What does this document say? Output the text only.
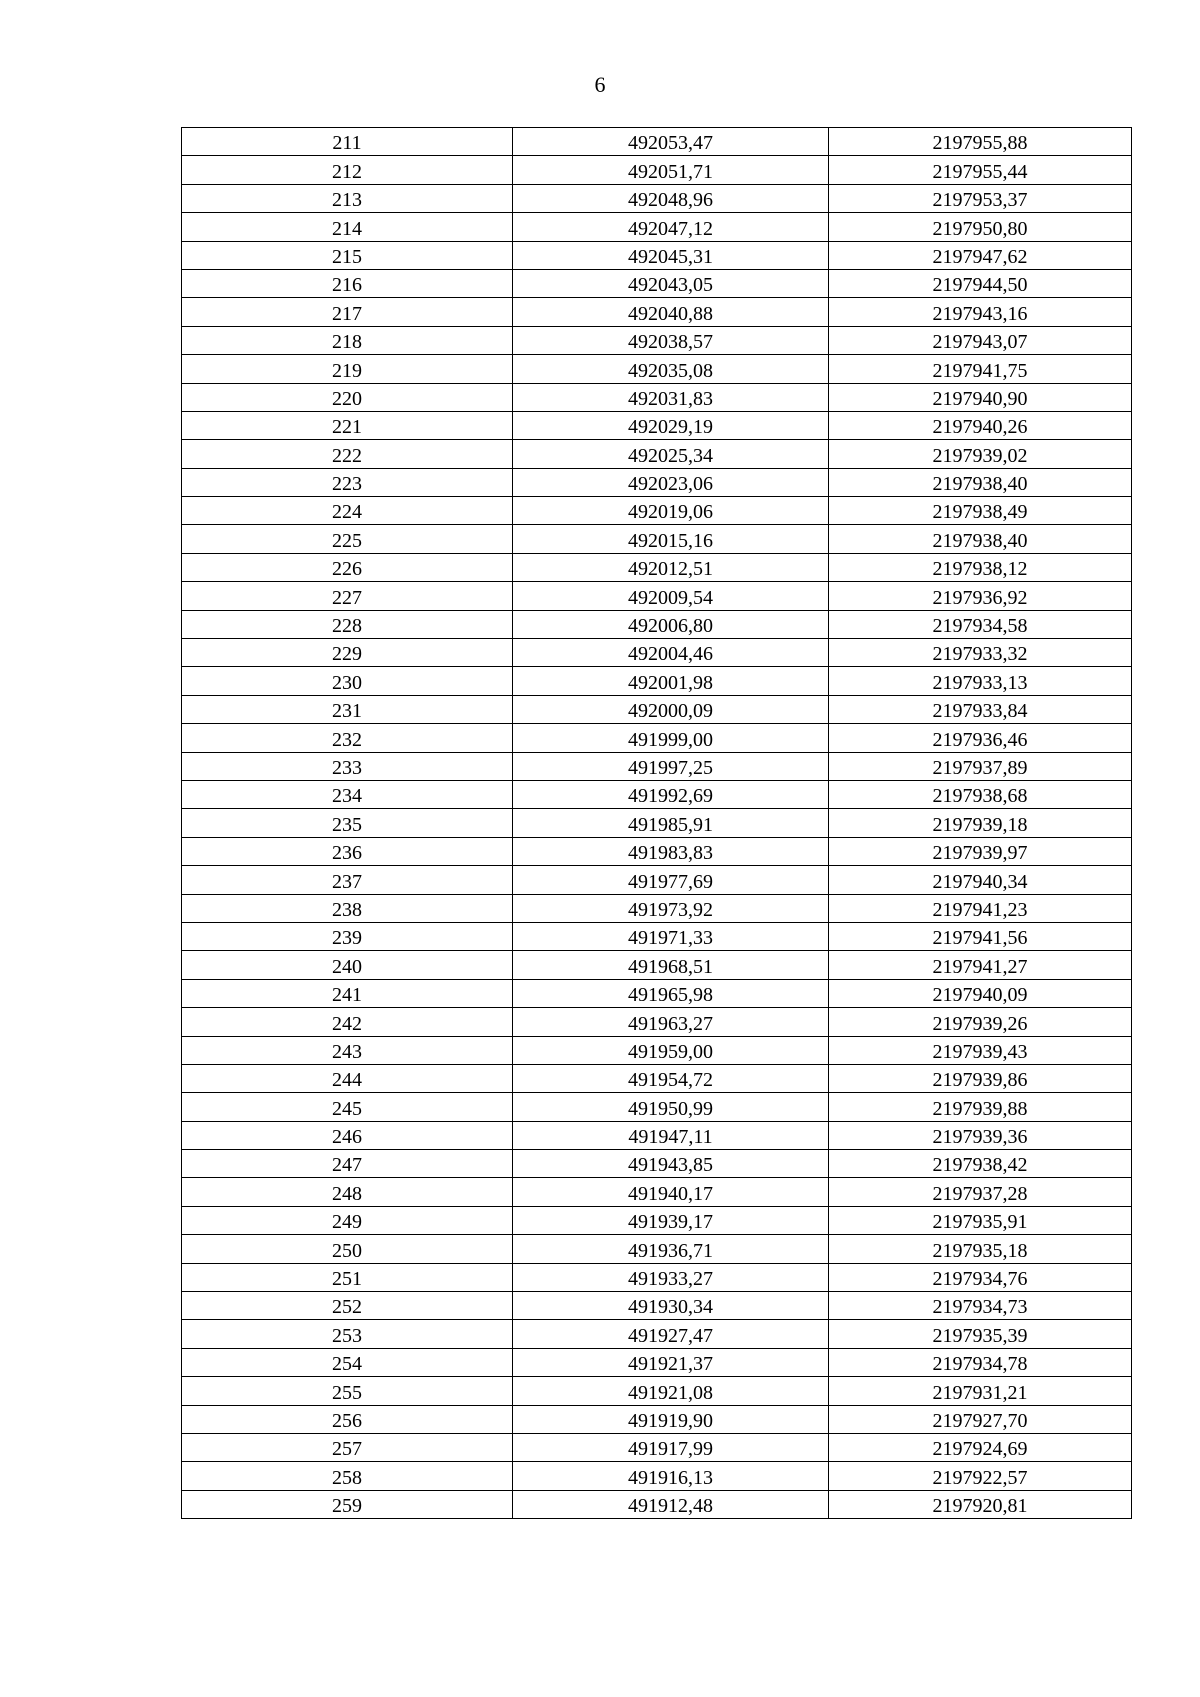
6
211	492053,47	2197955,88
212	492051,71	2197955,44
213	492048,96	2197953,37
214	492047,12	2197950,80
215	492045,31	2197947,62
216	492043,05	2197944,50
217	492040,88	2197943,16
218	492038,57	2197943,07
219	492035,08	2197941,75
220	492031,83	2197940,90
221	492029,19	2197940,26
222	492025,34	2197939,02
223	492023,06	2197938,40
224	492019,06	2197938,49
225	492015,16	2197938,40
226	492012,51	2197938,12
227	492009,54	2197936,92
228	492006,80	2197934,58
229	492004,46	2197933,32
230	492001,98	2197933,13
231	492000,09	2197933,84
232	491999,00	2197936,46
233	491997,25	2197937,89
234	491992,69	2197938,68
235	491985,91	2197939,18
236	491983,83	2197939,97
237	491977,69	2197940,34
238	491973,92	2197941,23
239	491971,33	2197941,56
240	491968,51	2197941,27
241	491965,98	2197940,09
242	491963,27	2197939,26
243	491959,00	2197939,43
244	491954,72	2197939,86
245	491950,99	2197939,88
246	491947,11	2197939,36
247	491943,85	2197938,42
248	491940,17	2197937,28
249	491939,17	2197935,91
250	491936,71	2197935,18
251	491933,27	2197934,76
252	491930,34	2197934,73
253	491927,47	2197935,39
254	491921,37	2197934,78
255	491921,08	2197931,21
256	491919,90	2197927,70
257	491917,99	2197924,69
258	491916,13	2197922,57
259	491912,48	2197920,81
